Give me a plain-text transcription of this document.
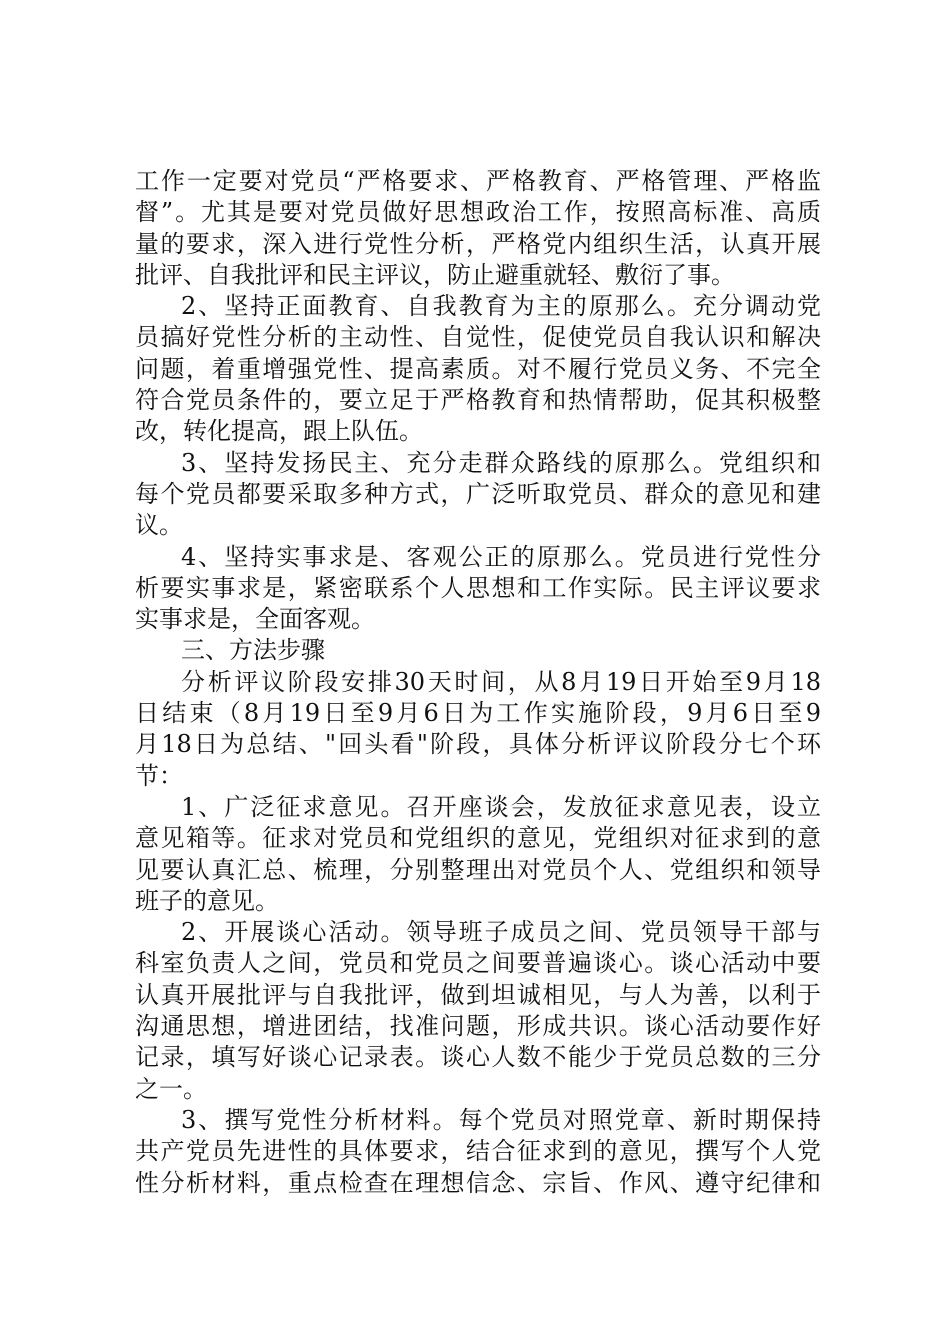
工作一定要对党员“严格要求、严格教育、严格管理、严格监
督”。尤其是要对党员做好思想政治工作，按照高标准、高质
量的要求，深入进行党性分析，严格党内组织生活，认真开展
批评、自我批评和民主评议，防止避重就轻、敷衍了事。
2、坚持正面教育、自我教育为主的原那么。充分调动党
员搞好党性分析的主动性、自觉性，促使党员自我认识和解决
问题，着重增强党性、提高素质。对不履行党员义务、不完全
符合党员条件的，要立足于严格教育和热情帮助，促其积极整
改，转化提高，跟上队伍。
3、坚持发扬民主、充分走群众路线的原那么。党组织和
每个党员都要采取多种方式，广泛听取党员、群众的意见和建
议。
4、坚持实事求是、客观公正的原那么。党员进行党性分
析要实事求是，紧密联系个人思想和工作实际。民主评议要求
实事求是，全面客观。
三、方法步骤
分析评议阶段安排30天时间，从8月19日开始至9月18
日结束（8月19日至9月6日为工作实施阶段，9月6日至9
月18日为总结、"回头看"阶段，具体分析评议阶段分七个环
节：
1、广泛征求意见。召开座谈会，发放征求意见表，设立
意见箱等。征求对党员和党组织的意见，党组织对征求到的意
见要认真汇总、梳理，分别整理出对党员个人、党组织和领导
班子的意见。
2、开展谈心活动。领导班子成员之间、党员领导干部与
科室负责人之间，党员和党员之间要普遍谈心。谈心活动中要
认真开展批评与自我批评，做到坦诚相见，与人为善，以利于
沟通思想，增进团结，找准问题，形成共识。谈心活动要作好
记录，填写好谈心记录表。谈心人数不能少于党员总数的三分
之一。
3、撰写党性分析材料。每个党员对照党章、新时期保持
共产党员先进性的具体要求，结合征求到的意见，撰写个人党
性分析材料，重点检查在理想信念、宗旨、作风、遵守纪律和
